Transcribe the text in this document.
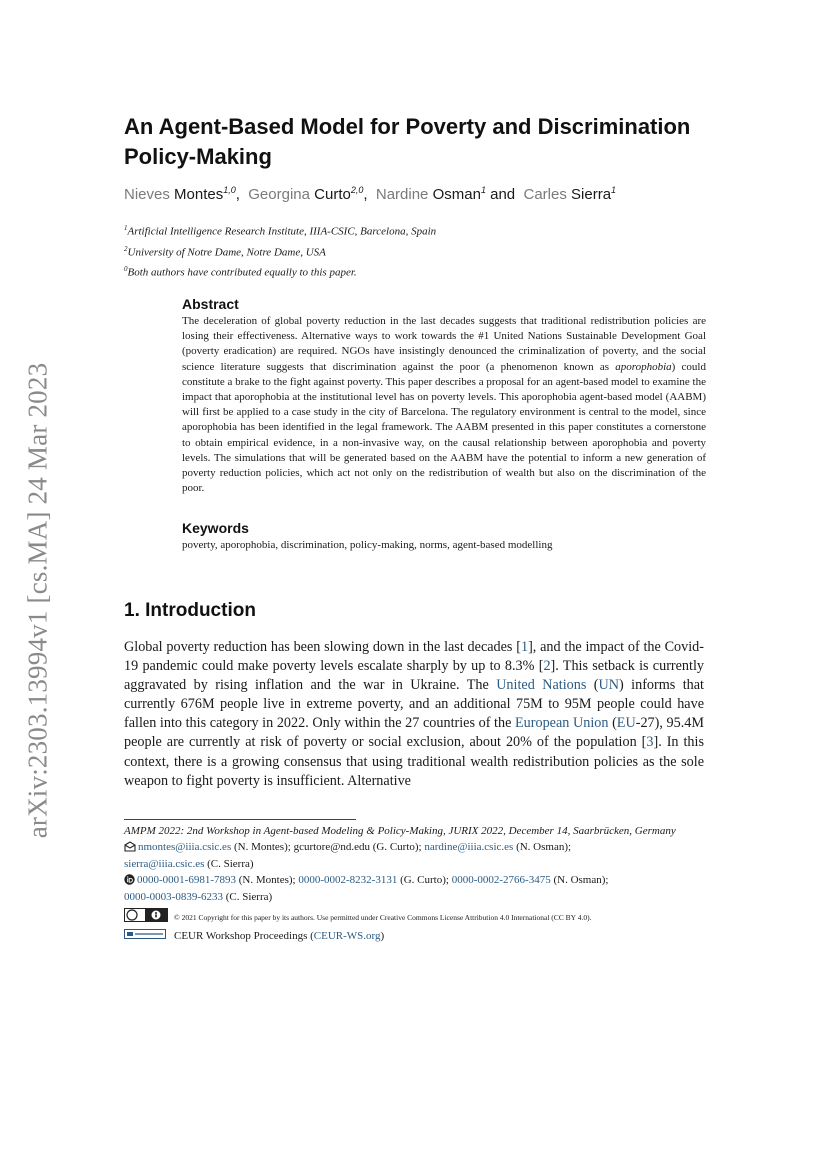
arXiv:2303.13994v1 [cs.MA] 24 Mar 2023
An Agent-Based Model for Poverty and Discrimination Policy-Making
Nieves Montes$^{1,0}$,  Georgina Curto$^{2,0}$,  Nardine Osman$^1$ and  Carles Sierra$^1$
$^1$Artificial Intelligence Research Institute, IIIA-CSIC, Barcelona, Spain
$^2$University of Notre Dame, Notre Dame, USA
$^0$Both authors have contributed equally to this paper.
Abstract

The deceleration of global poverty reduction in the last decades suggests that traditional redistribution policies are losing their effectiveness. Alternative ways to work towards the #1 United Nations Sustainable Development Goal (poverty eradication) are required. NGOs have insistingly denounced the criminalization of poverty, and the social science literature suggests that discrimination against the poor (a phenomenon known as aporophobia) could constitute a brake to the fight against poverty. This paper describes a proposal for an agent-based model to examine the impact that aporophobia at the institutional level has on poverty levels. This aporophobia agent-based model (AABM) will first be applied to a case study in the city of Barcelona. The regulatory environment is central to the model, since aporophobia has been identified in the legal framework. The AABM presented in this paper constitutes a cornerstone to obtain empirical evidence, in a non-invasive way, on the causal relationship between aporophobia and poverty levels. The simulations that will be generated based on the AABM have the potential to inform a new generation of poverty reduction policies, which act not only on the redistribution of wealth but also on the discrimination of the poor.

Keywords

poverty, aporophobia, discrimination, policy-making, norms, agent-based modelling

1. Introduction

Global poverty reduction has been slowing down in the last decades [1], and the impact of the Covid-19 pandemic could make poverty levels escalate sharply by up to 8.3% [2]. This setback is currently aggravated by rising inflation and the war in Ukraine. The United Nations (UN) informs that currently 676M people live in extreme poverty, and an additional 75M to 95M people could have fallen into this category in 2022. Only within the 27 countries of the European Union (EU-27), 95.4M people are currently at risk of poverty or social exclusion, about 20% of the population [3]. In this context, there is a growing consensus that using traditional wealth redistribution policies as the sole weapon to fight poverty is insufficient. Alternative

AMPM 2022: 2nd Workshop in Agent-based Modeling & Policy-Making, JURIX 2022, December 14, Saarbrücken, Germany
nmontes@iiia.csic.es (N. Montes); gcurtore@nd.edu (G. Curto); nardine@iiia.csic.es (N. Osman);
sierra@iiia.csic.es (C. Sierra)
0000-0001-6981-7893 (N. Montes); 0000-0002-8232-3131 (G. Curto); 0000-0002-2766-3475 (N. Osman);
0000-0003-0839-6233 (C. Sierra)
© 2021 Copyright for this paper by its authors. Use permitted under Creative Commons License Attribution 4.0 International (CC BY 4.0).
CEUR Workshop Proceedings (CEUR-WS.org)
